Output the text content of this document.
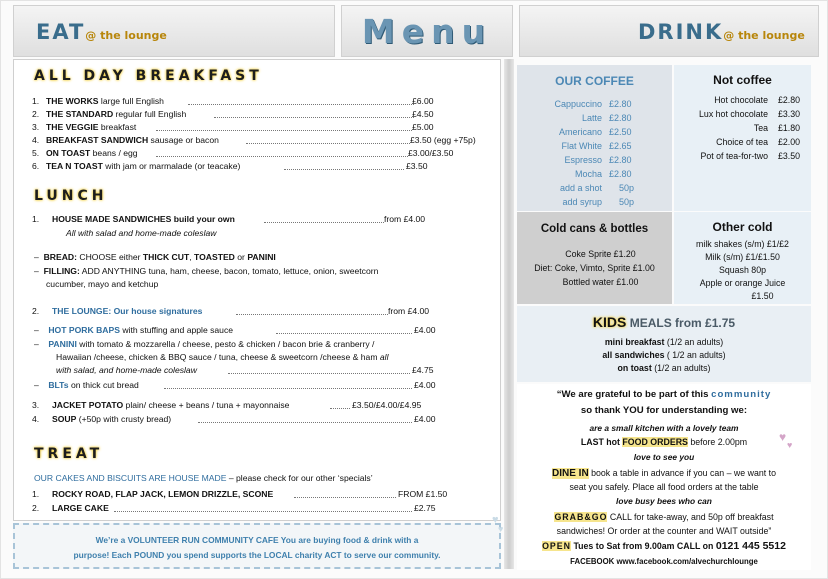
EAT@ the lounge	Menu	DRINK@ the lounge
ALL DAY BREAKFAST
1. THE WORKS large full English	£6.00
2. THE STANDARD regular full English	£4.50
3. THE VEGGIE breakfast	£5.00
4. BREAKFAST SANDWICH sausage or bacon	£3.50 (egg +75p)
5. ON TOAST beans / egg	£3.00/£3.50
6. TEA N TOAST with jam or marmalade (or teacake)	£3.50
LUNCH
1. HOUSE MADE SANDWICHES build your own	from £4.00
All with salad and home-made coleslaw
– BREAD: CHOOSE either THICK CUT, TOASTED or PANINI
– FILLING: ADD ANYTHING tuna, ham, cheese, bacon, tomato, lettuce, onion, sweetcorn
cucumber, mayo and ketchup
2. THE LOUNGE: Our house signatures	from £4.00
– HOT PORK BAPS with stuffing and apple sauce	£4.00
– PANINI with tomato & mozzarella / cheese, pesto & chicken / bacon brie & cranberry /
Hawaiian /cheese, chicken & BBQ sauce / tuna, cheese & sweetcorn /cheese & ham all
with salad, and home-made coleslaw	£4.75
– BLTs on thick cut bread	£4.00
3. JACKET POTATO plain/ cheese + beans / tuna + mayonnaise	£3.50/£4.00/£4.95
4. SOUP (+50p with crusty bread)	£4.00
TREAT
OUR CAKES AND BISCUITS ARE HOUSE MADE – please check for our other ‘specials’
1. ROCKY ROAD, FLAP JACK, LEMON DRIZZLE, SCONE	FROM £1.50
2. LARGE CAKE	£2.75
We’re a VOLUNTEER RUN COMMUNITY CAFE You are buying food & drink with a
purpose! Each POUND you spend supports the LOCAL charity ACT to serve our community.
OUR COFFEE
Cappuccino £2.80
Latte £2.80
Americano £2.50
Flat White £2.65
Espresso £2.80
Mocha £2.80
add a shot 50p
add syrup 50p
Not coffee
Hot chocolate £2.80
Lux hot chocolate £3.30
Tea £1.80
Choice of tea £2.00
Pot of tea-for-two £3.50
Cold cans & bottles
Coke Sprite £1.20
Diet: Coke, Vimto, Sprite £1.00
Bottled water £1.00
Other cold
milk shakes (s/m) £1/£2
Milk (s/m) £1/£1.50
Squash 80p
Apple or orange Juice
£1.50
KIDS MEALS from £1.75
mini breakfast (1/2 an adults)
all sandwiches ( 1/2 an adults)
on toast (1/2 an adults)
“We are grateful to be part of this community
so thank YOU for understanding we:
are a small kitchen with a lovely team
LAST hot FOOD ORDERS before 2.00pm
love to see you
DINE IN book a table in advance if you can – we want to
seat you safely. Place all food orders at the table
love busy bees who can
GRAB&GO CALL for take-away, and 50p off breakfast
sandwiches! Or order at the counter and WAIT outside”
OPEN Tues to Sat from 9.00am CALL on 0121 445 5512
FACEBOOK www.facebook.com/alvechurchlounge
♥
♥
♥
♥
